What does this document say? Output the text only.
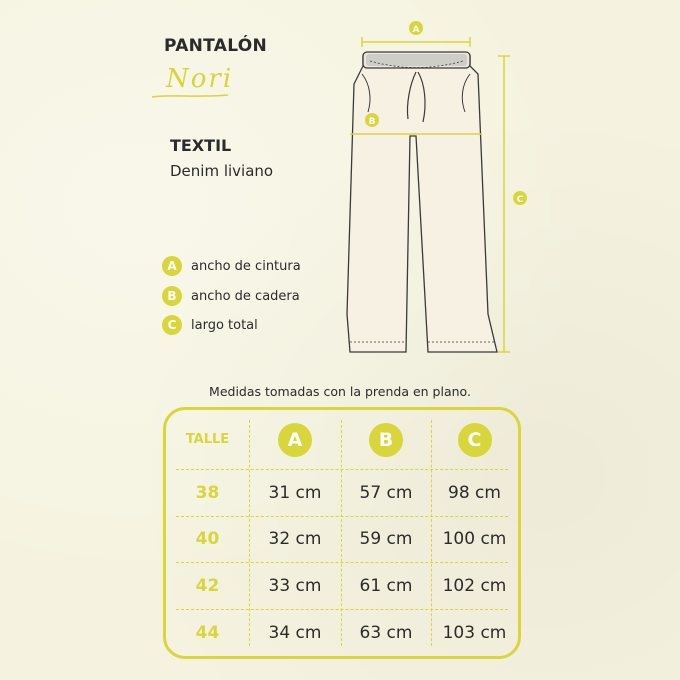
PANTALÓN
Nori
TEXTIL
Denim liviano
A	ancho de cintura
B	ancho de cadera
C	largo total
A
B
C
Medidas tomadas con la prenda en plano.
TALLE	A	B	C
38	31 cm	57 cm	98 cm
40	32 cm	59 cm	100 cm
42	33 cm	61 cm	102 cm
44	34 cm	63 cm	103 cm
